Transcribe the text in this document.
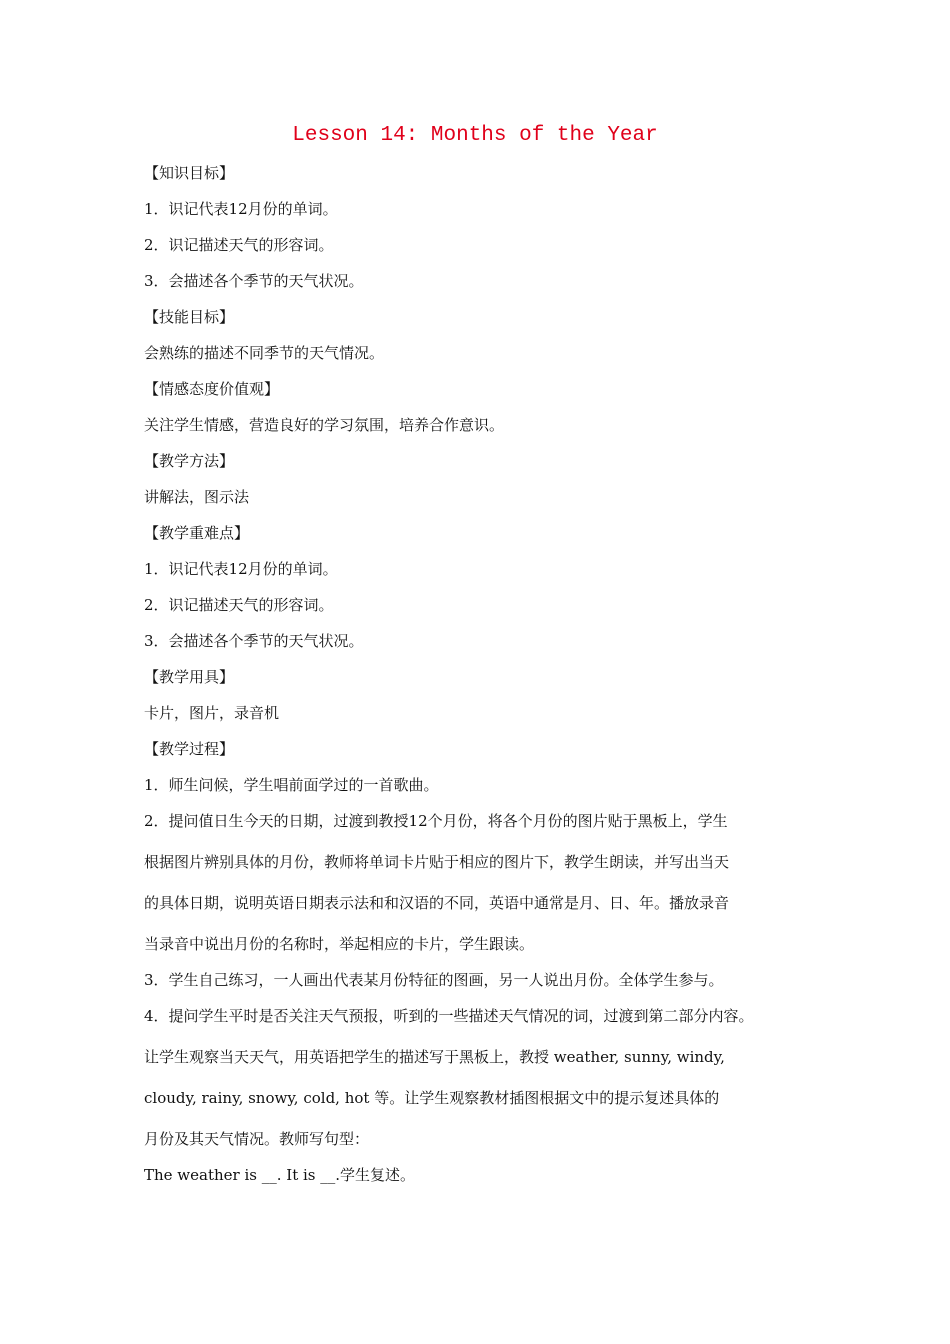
Lesson 14: Months of the Year
【知识目标】
1．识记代表12月份的单词。
2．识记描述天气的形容词。
3．会描述各个季节的天气状况。
【技能目标】
会熟练的描述不同季节的天气情况。
【情感态度价值观】
关注学生情感，营造良好的学习氛围，培养合作意识。
【教学方法】
讲解法，图示法
【教学重难点】
1．识记代表12月份的单词。
2．识记描述天气的形容词。
3．会描述各个季节的天气状况。
【教学用具】
卡片，图片，录音机
【教学过程】
1．师生问候，学生唱前面学过的一首歌曲。
2．提问值日生今天的日期，过渡到教授12个月份，将各个月份的图片贴于黑板上，学生
根据图片辨别具体的月份，教师将单词卡片贴于相应的图片下，教学生朗读，并写出当天
的具体日期，说明英语日期表示法和和汉语的不同，英语中通常是月、日、年。播放录音
当录音中说出月份的名称时，举起相应的卡片，学生跟读。
3．学生自己练习，一人画出代表某月份特征的图画，另一人说出月份。全体学生参与。
4．提问学生平时是否关注天气预报，听到的一些描述天气情况的词，过渡到第二部分内容。
让学生观察当天天气，用英语把学生的描述写于黑板上，教授 weather, sunny, windy,
cloudy, rainy, snowy, cold, hot 等。让学生观察教材插图根据文中的提示复述具体的
月份及其天气情况。教师写句型：
The weather is __. It is __.学生复述。
